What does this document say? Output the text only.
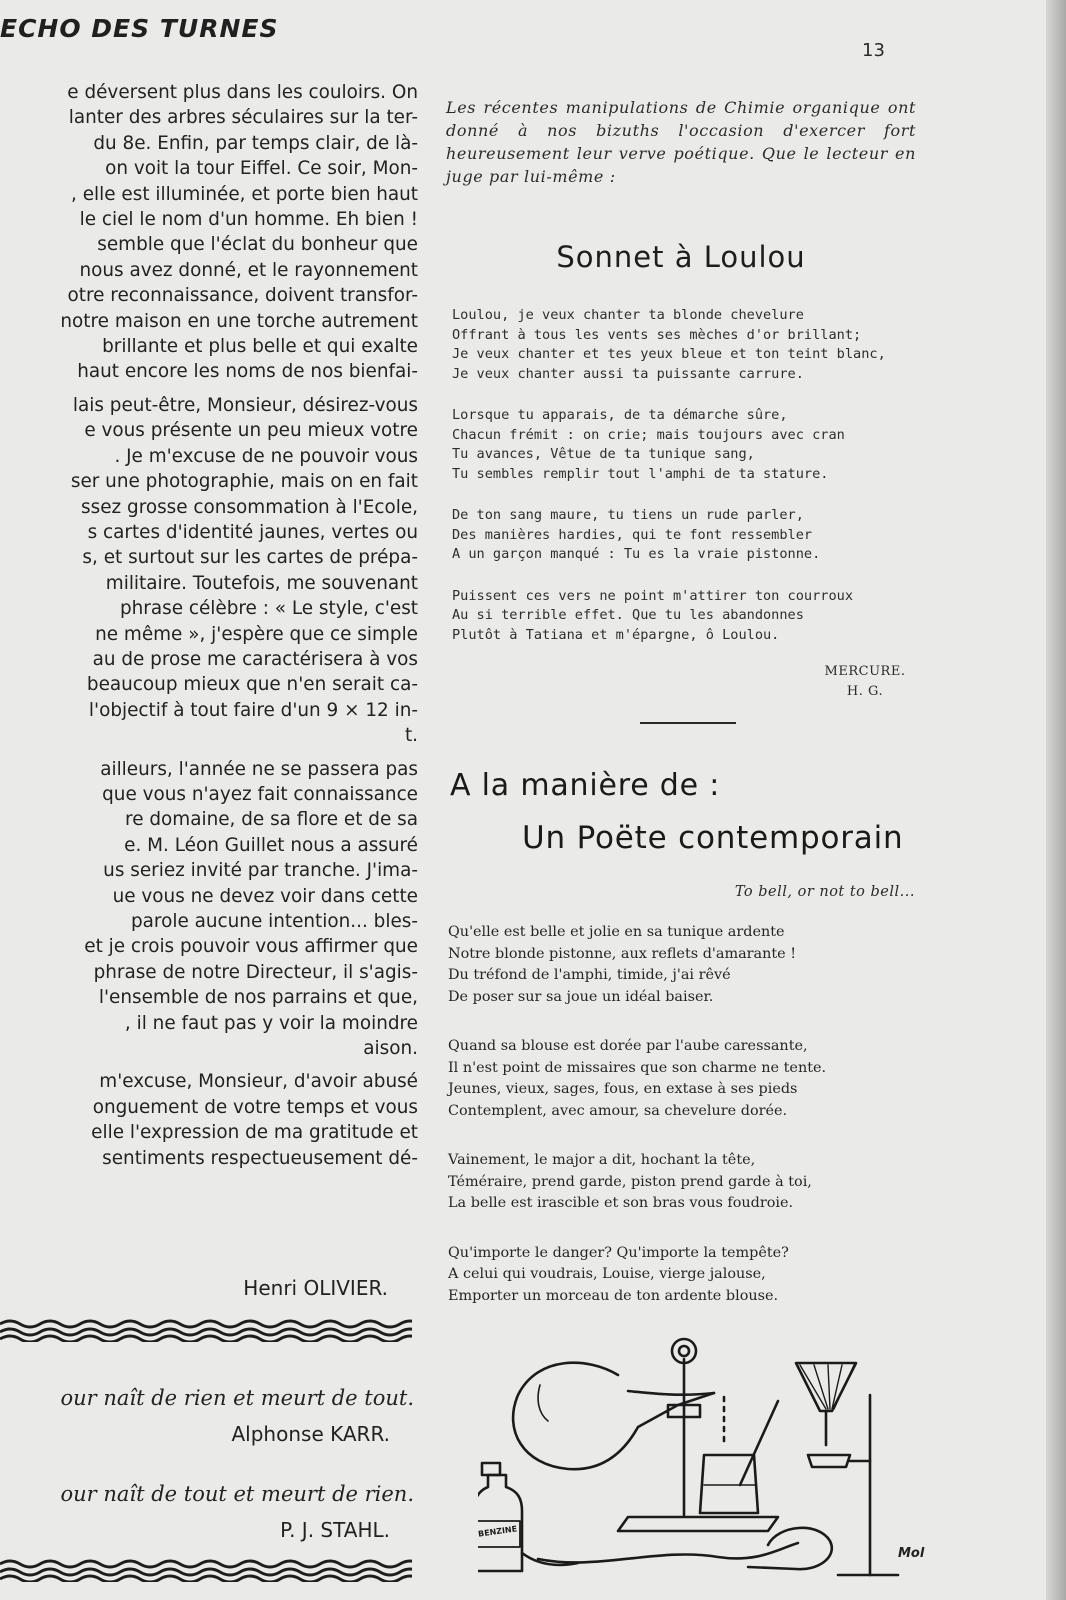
ECHO DES TURNES
13
e déversent plus dans les couloirs. On
lanter des arbres séculaires sur la ter-
du 8e. Enfin, par temps clair, de là-
on voit la tour Eiffel. Ce soir, Mon-
, elle est illuminée, et porte bien haut
le ciel le nom d'un homme. Eh bien !
semble que l'éclat du bonheur que
nous avez donné, et le rayonnement
otre reconnaissance, doivent transfor-
notre maison en une torche autrement
brillante et plus belle et qui exalte
haut encore les noms de nos bienfai-
lais peut-être, Monsieur, désirez-vous
e vous présente un peu mieux votre
. Je m'excuse de ne pouvoir vous
ser une photographie, mais on en fait
ssez grosse consommation à l'Ecole,
s cartes d'identité jaunes, vertes ou
s, et surtout sur les cartes de prépa-
militaire. Toutefois, me souvenant
phrase célèbre : « Le style, c'est
ne même », j'espère que ce simple
au de prose me caractérisera à vos
beaucoup mieux que n'en serait ca-
l'objectif à tout faire d'un 9 × 12 in-
t.
ailleurs, l'année ne se passera pas
que vous n'ayez fait connaissance
re domaine, de sa flore et de sa
e. M. Léon Guillet nous a assuré
us seriez invité par tranche. J'ima-
ue vous ne devez voir dans cette
parole aucune intention... bles-
et je crois pouvoir vous affirmer que
phrase de notre Directeur, il s'agis-
l'ensemble de nos parrains et que,
, il ne faut pas y voir la moindre
aison.
m'excuse, Monsieur, d'avoir abusé
onguement de votre temps et vous
elle l'expression de ma gratitude et
sentiments respectueusement dé-
Henri OLIVIER.
our naît de rien et meurt de tout.
Alphonse KARR.
our naît de tout et meurt de rien.
P. J. STAHL.
Les récentes manipulations de Chimie organique ont donné à nos bizuths l'occasion d'exercer fort heureusement leur verve poétique. Que le lecteur en juge par lui-même :
Sonnet à Loulou
Loulou, je veux chanter ta blonde chevelure
Offrant à tous les vents ses mèches d'or brillant;
Je veux chanter et tes yeux bleue et ton teint blanc,
Je veux chanter aussi ta puissante carrure.
Lorsque tu apparais, de ta démarche sûre,
Chacun frémit : on crie; mais toujours avec cran
Tu avances, Vêtue de ta tunique sang,
Tu sembles remplir tout l'amphi de ta stature.
De ton sang maure, tu tiens un rude parler,
Des manières hardies, qui te font ressembler
A un garçon manqué : Tu es la vraie pistonne.
Puissent ces vers ne point m'attirer ton courroux
Au si terrible effet. Que tu les abandonnes
Plutôt à Tatiana et m'épargne, ô Loulou.
MERCURE.
H. G.
A la manière de :
Un Poëte contemporain
To bell, or not to bell...
Qu'elle est belle et jolie en sa tunique ardente
Notre blonde pistonne, aux reflets d'amarante !
Du tréfond de l'amphi, timide, j'ai rêvé
De poser sur sa joue un idéal baiser.
Quand sa blouse est dorée par l'aube caressante,
Il n'est point de missaires que son charme ne tente.
Jeunes, vieux, sages, fous, en extase à ses pieds
Contemplent, avec amour, sa chevelure dorée.
Vainement, le major a dit, hochant la tête,
Téméraire, prend garde, piston prend garde à toi,
La belle est irascible et son bras vous foudroie.
Qu'importe le danger? Qu'importe la tempête?
A celui qui voudrais, Louise, vierge jalouse,
Emporter un morceau de ton ardente blouse.
BENZINE
Mol
